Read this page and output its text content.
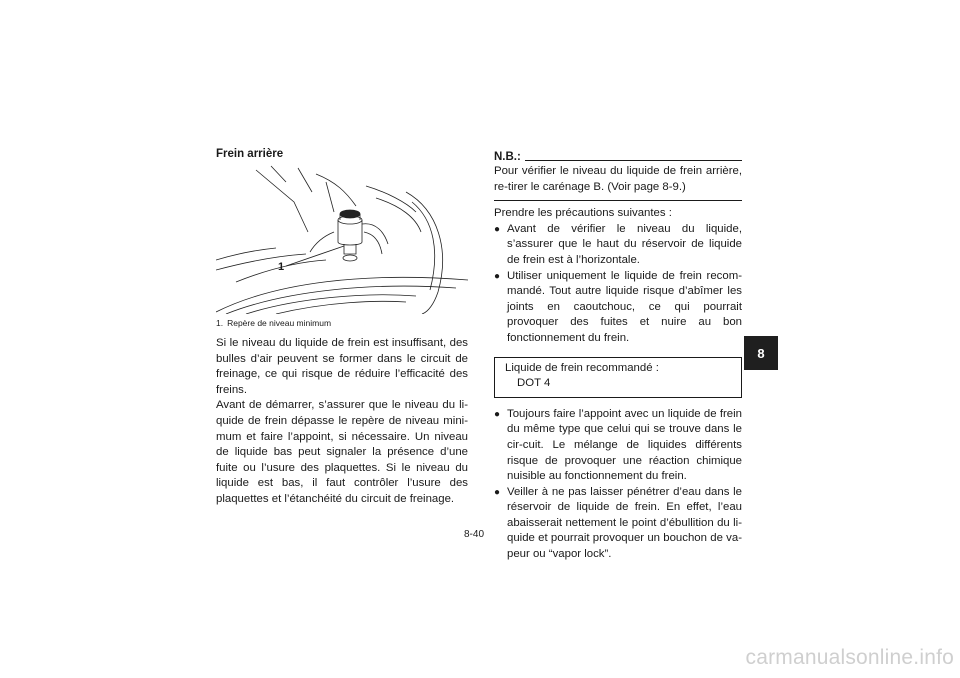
Frein arrière
1
1. Repère de niveau minimum

Si le niveau du liquide de frein est insuffisant, des bulles d’air peuvent se former dans le circuit de freinage, ce qui risque de réduire l’efficacité des freins.

Avant de démarrer, s’assurer que le niveau du li-quide de frein dépasse le repère de niveau mini-mum et faire l’appoint, si nécessaire. Un niveau de liquide bas peut signaler la présence d’une fuite ou l’usure des plaquettes. Si le niveau du liquide est bas, il faut contrôler l’usure des plaquettes et l’étanchéité du circuit de freinage.

N.B.:

Pour vérifier le niveau du liquide de frein arrière, re-tirer le carénage B. (Voir page 8-9.)

Prendre les précautions suivantes :

● Avant de vérifier le niveau du liquide, s’assurer que le haut du réservoir de liquide de frein est à l’horizontale.
● Utiliser uniquement le liquide de frein recom-mandé. Tout autre liquide risque d’abîmer les joints en caoutchouc, ce qui pourrait provoquer des fuites et nuire au bon fonctionnement du frein.
Liquide de frein recommandé :
DOT 4
● Toujours faire l’appoint avec un liquide de frein du même type que celui qui se trouve dans le cir-cuit. Le mélange de liquides différents risque de provoquer une réaction chimique nuisible au fonctionnement du frein.
● Veiller à ne pas laisser pénétrer d’eau dans le réservoir de liquide de frein. En effet, l’eau abaisserait nettement le point d’ébullition du li-quide et pourrait provoquer un bouchon de va-peur ou “vapor lock”.
8-40
8
carmanualsonline.info
